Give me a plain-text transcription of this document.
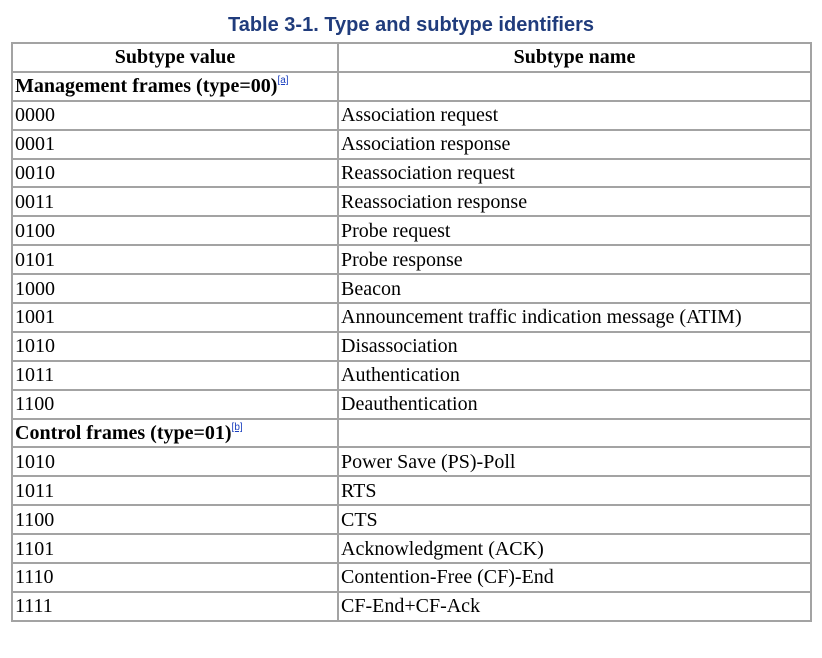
Table 3-1. Type and subtype identifiers
Subtype value	Subtype name
Management frames (type=00)[a]	
0000	Association request
0001	Association response
0010	Reassociation request
0011	Reassociation response
0100	Probe request
0101	Probe response
1000	Beacon
1001	Announcement traffic indication message (ATIM)
1010	Disassociation
1011	Authentication
1100	Deauthentication
Control frames (type=01)[b]	
1010	Power Save (PS)-Poll
1011	RTS
1100	CTS
1101	Acknowledgment (ACK)
1110	Contention-Free (CF)-End
1111	CF-End+CF-Ack
